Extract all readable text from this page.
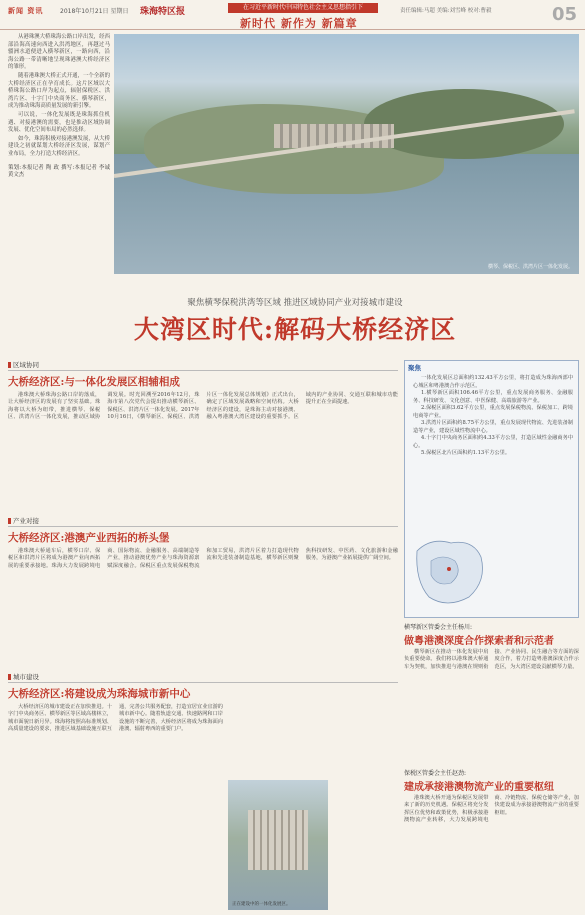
新闻 资讯	2018年10月21日 星期日 珠海特区报	在习近平新时代中国特色社会主义思想指引下
新时代 新作为 新篇章
责任编辑:马超 美编:刘雪峰 校对:曹毅	05

从港珠澳大桥珠海公路口岸出发，经西部沿海高速向西进入洪湾地区，再越过马骝洲水道便进入横琴新区，一路向西，沿海公路一带清晰地呈现珠港澳大桥经济区的雏形。

随着港珠澳大桥正式开通，一个全新的大桥经济区正在孕育成长。这片区域以大桥珠海公路口岸为起点，辐射保税区、洪湾片区、十字门中央商务区、横琴新区，成为推动珠海高质量发展的新引擎。

可以说，一体化发展既是珠海抓住机遇、对接港澳的需要，也是推动区域协调发展、优化空间布局的必然选择。

如今，珠海积极对接港澳发展，从大桥建设之初就谋划大桥经济区发展，谋划产业布局，全力打造大桥经济区。

策划:本报记者 陶 政 撰写:本报记者 李诚 黄文杰

横琴、保税区、洪湾片区一体化发展。
聚焦横琴保税洪湾等区域 推进区域协同产业对接城市建设
大湾区时代:解码大桥经济区
区域协同
大桥经济区:与一体化发展区相辅相成

港珠澳大桥珠海公路口岸的落成，让大桥经济区的发展有了坚实基础。珠海将以大桥为纽带，推进横琴、保税区、洪湾片区一体化发展，推动区域协调发展。时光回溯至2016年12月，珠海市第八次党代会提出推动横琴新区、保税区、洪湾片区一体化发展。2017年10月16日，《横琴新区、保税区、洪湾片区一体化发展总体规划》正式出台，确定了区域发展战略和空间结构。大桥经济区的建设，是珠海主动对接港澳、融入粤港澳大湾区建设的重要抓手。区域内的产业协同、交通互联和城市功能提升正在全面提速。

产业对接
大桥经济区:港澳产业西拓的桥头堡

港珠澳大桥通车后，横琴口岸、保税区和洪湾片区将成为港澳产业向西拓展的重要承接地。珠海大力发展跨境电商、国际物流、金融服务、高端制造等产业，推动港澳优势产业与珠海资源禀赋深度融合。保税区重点发展保税物流和加工贸易，洪湾片区着力打造现代物流和先进装备制造基地，横琴新区则聚焦科技研发、中医药、文化旅游和金融服务，为港澳产业拓展提供广阔空间。

城市建设
大桥经济区:将建设成为珠海城市新中心

大桥经济区的城市建设正在加快推进。十字门中央商务区、横琴新区等区域高楼林立，城市面貌日新月异。珠海将按照高标准规划、高质量建设的要求，推进区域基础设施互联互通，完善公共服务配套，打造宜居宜业宜游的城市新中心。随着轨道交通、快速路网和口岸设施的不断完善，大桥经济区将成为珠海面向港澳、辐射粤西的重要门户。

正在建设中的一体化发展区。
聚焦

一体化发展区总面积约132.43平方公里，将打造成为珠海西部中心城区和粤港澳合作示范区。

1.横琴新区面积106.46平方公里，重点发展商务服务、金融服务、科技研发、文化创意、中医保健、高端旅游等产业。

2.保税区面积3.62平方公里，重点发展保税物流、保税加工、跨境电商等产业。

3.洪湾片区面积约8.75平方公里，重点发展现代物流、先进装备制造等产业，建设区域性物流中心。

4.十字门中央商务区面积约4.33平方公里，打造区域性金融商务中心。

5.保税区北片区面积约1.13平方公里。

横琴新区管委会主任杨川:
做粤港澳深度合作探索者和示范者

横琴新区在推动一体化发展中肩负重要使命。我们将以港珠澳大桥通车为契机，加快推进与港澳在规则衔接、产业协同、民生融合等方面的深度合作，着力打造粤港澳深度合作示范区，为大湾区建设贡献横琴力量。

保税区管委会主任赵劲:
建成承接港澳物流产业的重要枢纽

港珠澳大桥开通为保税区发展带来了新的历史机遇。保税区将充分发挥区位优势和政策优势，积极承接港澳物流产业转移，大力发展跨境电商、冷链物流、保税仓储等产业，加快建设成为承接港澳物流产业的重要枢纽。
